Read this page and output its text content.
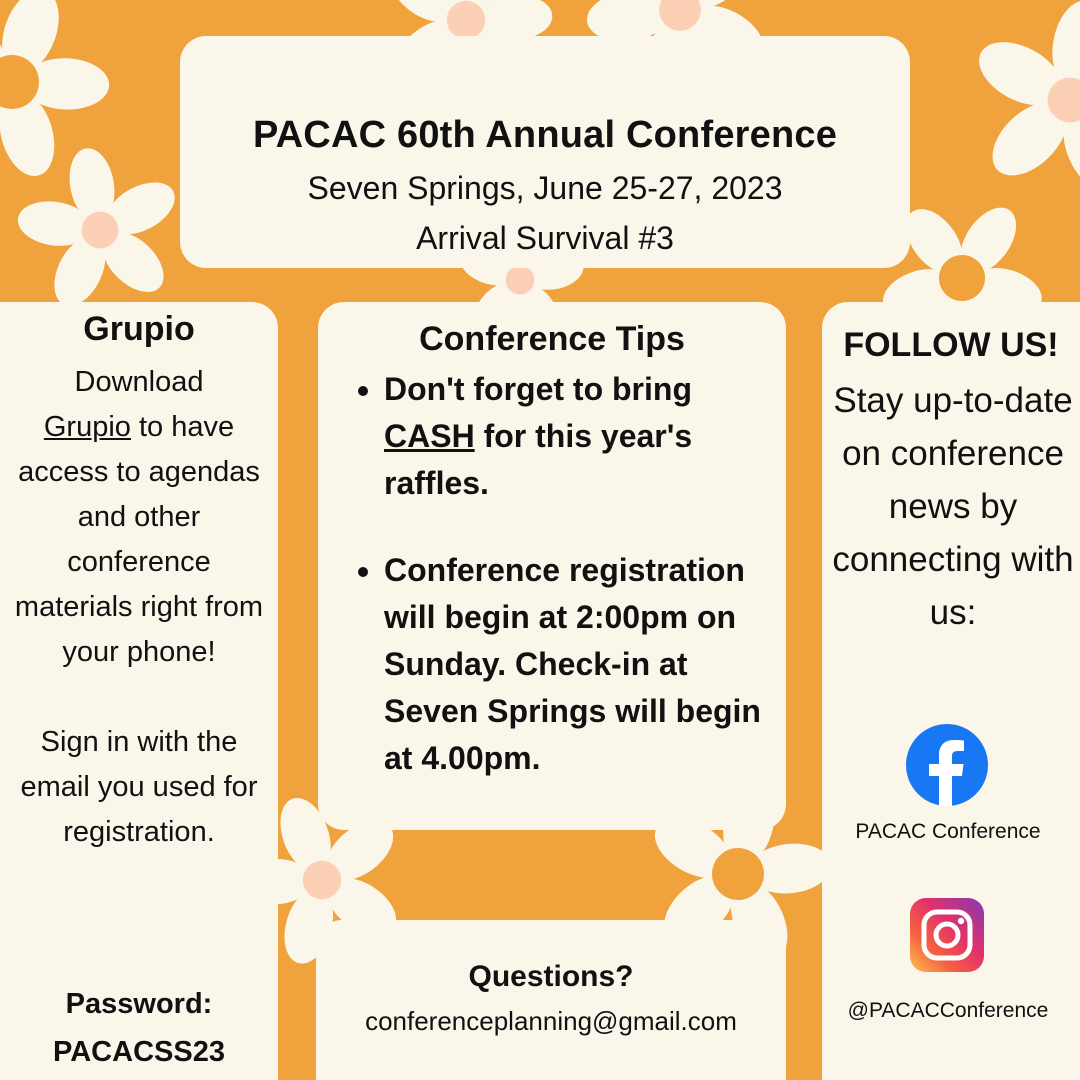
PACAC 60th Annual Conference
Seven Springs, June 25-27, 2023
Arrival Survival #3
Grupio
Download
Grupio to have access to agendas and other conference materials right from your phone!
Sign in with the email you used for registration.
Password:
PACACSS23
Conference Tips
• Don't forget to bring CASH for this year's raffles.
• Conference registration will begin at 2:00pm on Sunday. Check-in at Seven Springs will begin at 4.00pm.
Questions?
conferenceplanning@gmail.com
FOLLOW US!
Stay up-to-date on conference news by connecting with us:
PACAC Conference
@PACACConference
